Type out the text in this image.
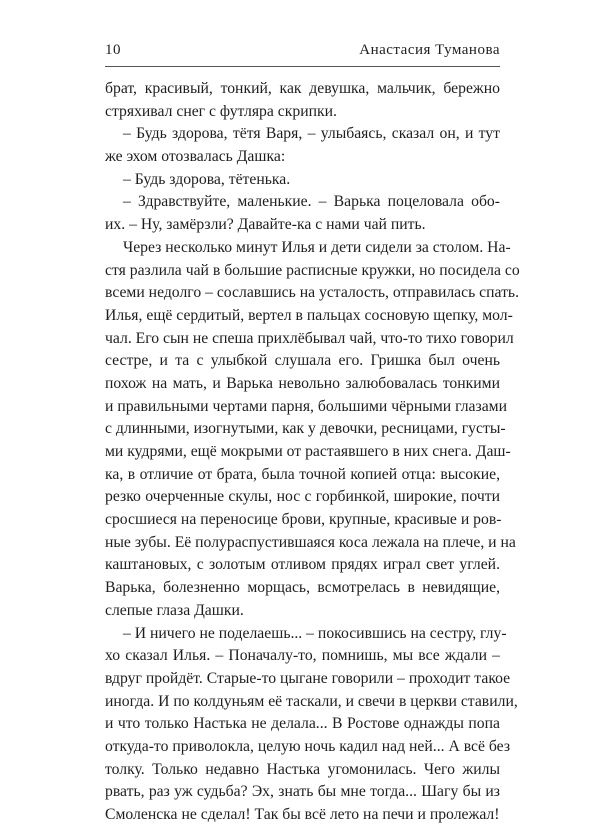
10	Анастасия Туманова
брат, красивый, тонкий, как девушка, мальчик, бережно
стряхивал снег с футляра скрипки.
– Будь здорова, тётя Варя, – улыбаясь, сказал он, и тут
же эхом отозвалась Дашка:
– Будь здорова, тётенька.
– Здравствуйте, маленькие. – Варька поцеловала обо-
их. – Ну, замёрзли? Давайте-ка с нами чай пить.
Через несколько минут Илья и дети сидели за столом. На-
стя разлила чай в большие расписные кружки, но посидела со
всеми недолго – сославшись на усталость, отправилась спать.
Илья, ещё сердитый, вертел в пальцах сосновую щепку, мол-
чал. Его сын не спеша прихлёбывал чай, что-то тихо говорил
сестре, и та с улыбкой слушала его. Гришка был очень
похож на мать, и Варька невольно залюбовалась тонкими
и правильными чертами парня, большими чёрными глазами
с длинными, изогнутыми, как у девочки, ресницами, густы-
ми кудрями, ещё мокрыми от растаявшего в них снега. Даш-
ка, в отличие от брата, была точной копией отца: высокие,
резко очерченные скулы, нос с горбинкой, широкие, почти
сросшиеся на переносице брови, крупные, красивые и ров-
ные зубы. Её полураспустившаяся коса лежала на плече, и на
каштановых, с золотым отливом прядях играл свет углей.
Варька, болезненно морщась, всмотрелась в невидящие,
слепые глаза Дашки.
– И ничего не поделаешь... – покосившись на сестру, глу-
хо сказал Илья. – Поначалу-то, помнишь, мы все ждали –
вдруг пройдёт. Старые-то цыгане говорили – проходит такое
иногда. И по колдуньям её таскали, и свечи в церкви ставили,
и что только Настька не делала... В Ростове однажды попа
откуда-то приволокла, целую ночь кадил над ней... А всё без
толку. Только недавно Настька угомонилась. Чего жилы
рвать, раз уж судьба? Эх, знать бы мне тогда... Шагу бы из
Смоленска не сделал! Так бы всё лето на печи и пролежал!
